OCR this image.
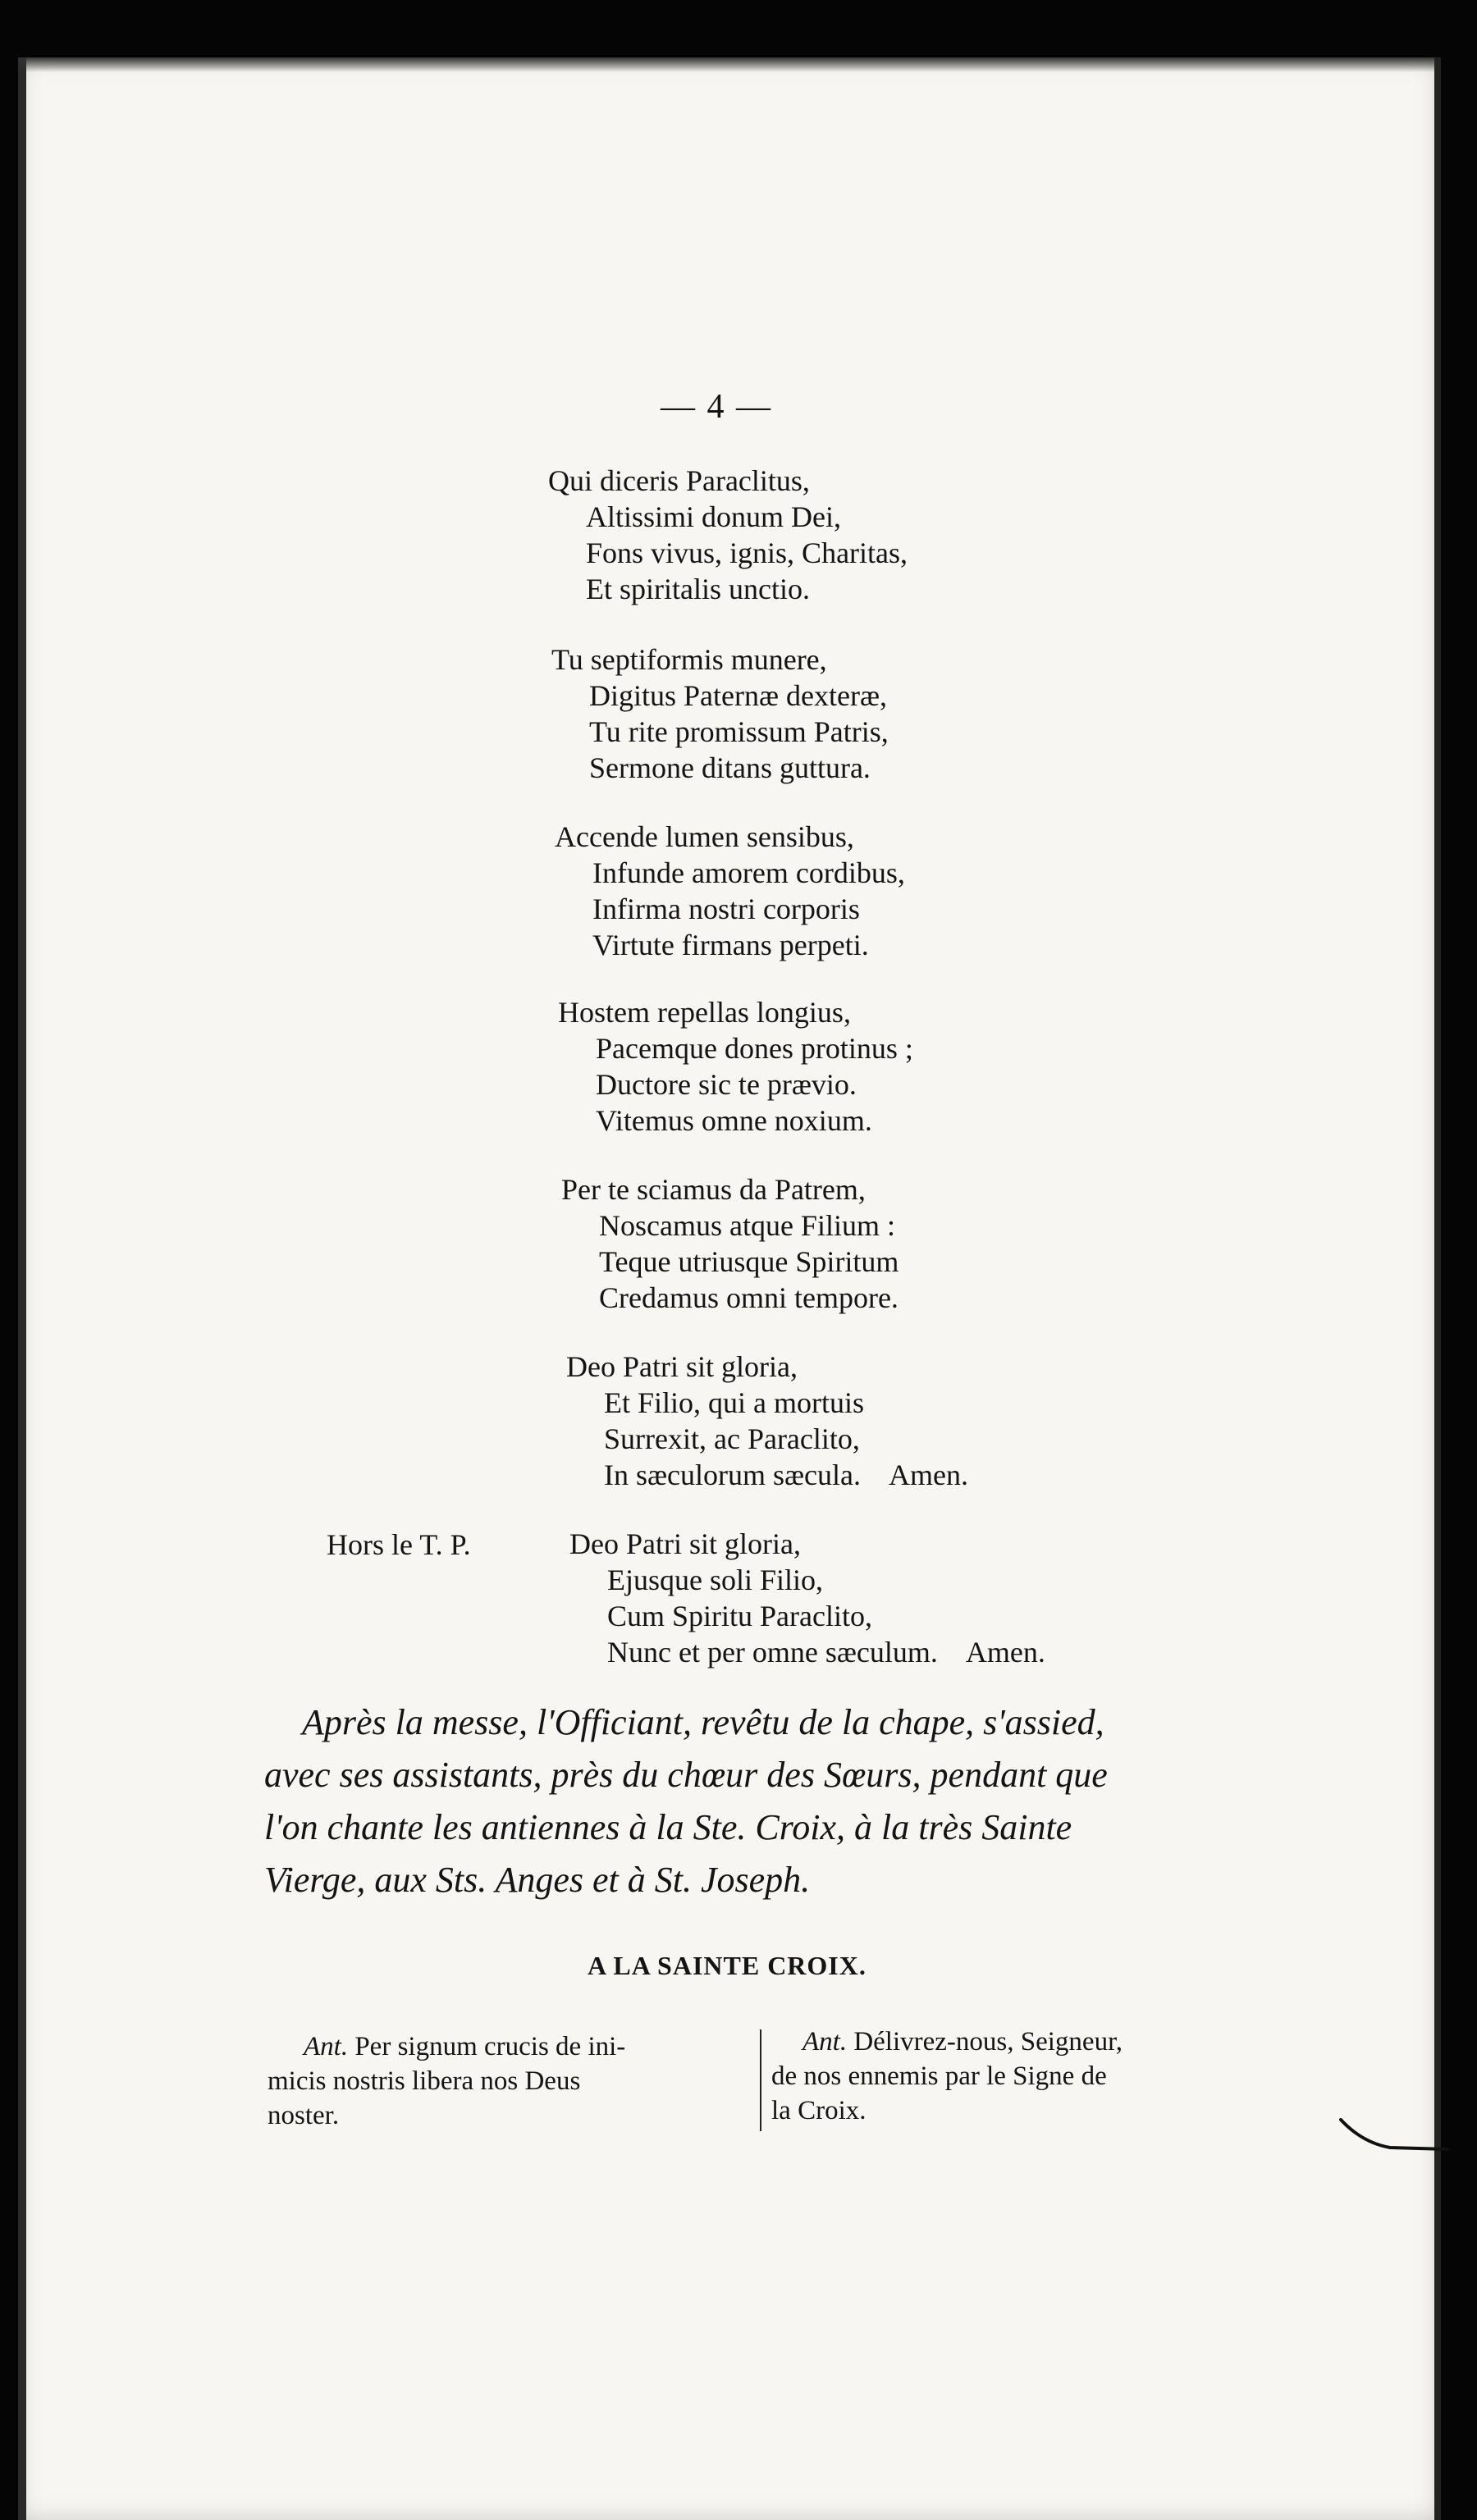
— 4 —
Qui diceris Paraclitus,
Altissimi donum Dei,
Fons vivus, ignis, Charitas,
Et spiritalis unctio.
Tu septiformis munere,
Digitus Paternæ dexteræ,
Tu rite promissum Patris,
Sermone ditans guttura.
Accende lumen sensibus,
Infunde amorem cordibus,
Infirma nostri corporis
Virtute firmans perpeti.
Hostem repellas longius,
Pacemque dones protinus ;
Ductore sic te prævio.
Vitemus omne noxium.
Per te sciamus da Patrem,
Noscamus atque Filium :
Teque utriusque Spiritum
Credamus omni tempore.
Deo Patri sit gloria,
Et Filio, qui a mortuis
Surrexit, ac Paraclito,
In sæculorum sæcula.    Amen.
Hors le T. P.	Deo Patri sit gloria,
Ejusque soli Filio,
Cum Spiritu Paraclito,
Nunc et per omne sæculum.    Amen.
Après la messe, l'Officiant, revêtu de la chape, s'assied,
avec ses assistants, près du chœur des Sœurs, pendant que
l'on chante les antiennes à la Ste. Croix, à la très Sainte
Vierge, aux Sts. Anges et à St. Joseph.
A LA SAINTE CROIX.
Ant. Per signum crucis de ini-
micis nostris libera nos Deus
noster.
Ant. Délivrez-nous, Seigneur,
de nos ennemis par le Signe de
la Croix.
